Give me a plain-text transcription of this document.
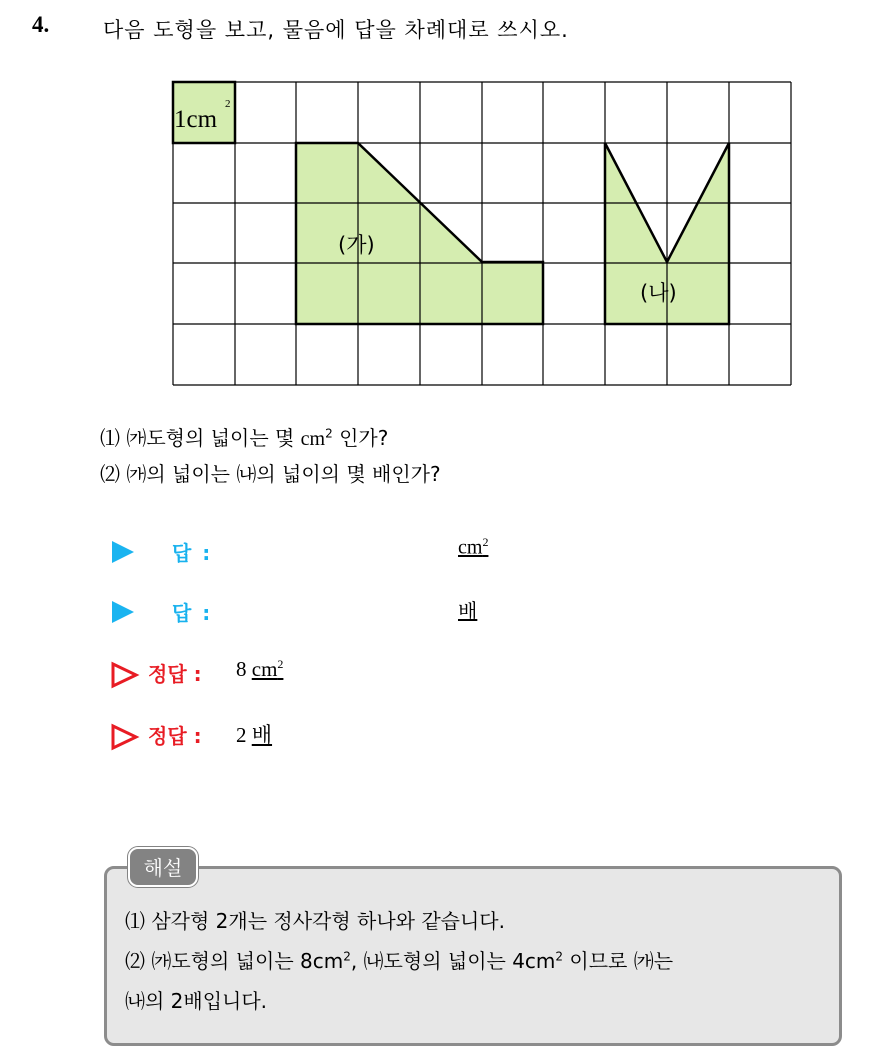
4.	다음 도형을 보고, 물음에 답을 차례대로 쓰시오.
1cm
2
(가)
(나)
⑴ ㈎도형의 넓이는 몇 $cm^2$ 인가?
⑵ ㈎의 넓이는 ㈏의 넓이의 몇 배인가?
답 :	$cm^2$
답 :	배
정답 : 8 $cm^2$
정답 : 2 배
⑴ 삼각형 2개는 정사각형 하나와 같습니다.
⑵ ㈎도형의 넓이는 $8cm^2$, ㈏도형의 넓이는 $4cm^2$ 이므로 ㈎는
㈏의 2배입니다.
해설
